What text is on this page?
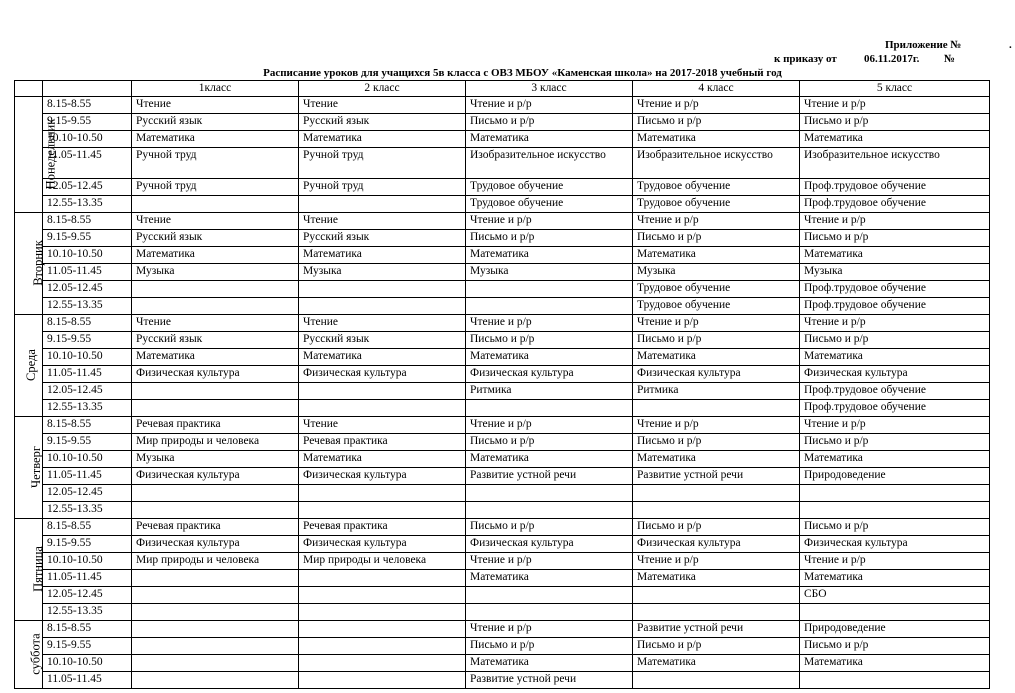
Приложение №	.
к приказу от 06.11.2017г. №
Расписание уроков для учащихся 5в класса с ОВЗ МБОУ «Каменская школа» на 2017-2018 учебный год
		1класс	2 класс	3 класс	4 класс	5 класс
Понедельник	8.15-8.55	Чтение	Чтение	Чтение и р/р	Чтение и р/р	Чтение и р/р
	9.15-9.55	Русский язык	Русский язык	Письмо и р/р	Письмо и р/р	Письмо и р/р
	10.10-10.50	Математика	Математика	Математика	Математика	Математика
	11.05-11.45	Ручной труд	Ручной труд	Изобразительное искусство	Изобразительное искусство	Изобразительное искусство
	12.05-12.45	Ручной труд	Ручной труд	Трудовое обучение	Трудовое обучение	Проф.трудовое обучение
	12.55-13.35			Трудовое обучение	Трудовое обучение	Проф.трудовое обучение
Вторник	8.15-8.55	Чтение	Чтение	Чтение и р/р	Чтение и р/р	Чтение и р/р
	9.15-9.55	Русский язык	Русский язык	Письмо и р/р	Письмо и р/р	Письмо и р/р
	10.10-10.50	Математика	Математика	Математика	Математика	Математика
	11.05-11.45	Музыка	Музыка	Музыка	Музыка	Музыка
	12.05-12.45				Трудовое обучение	Проф.трудовое обучение
	12.55-13.35				Трудовое обучение	Проф.трудовое обучение
Среда	8.15-8.55	Чтение	Чтение	Чтение и р/р	Чтение и р/р	Чтение и р/р
	9.15-9.55	Русский язык	Русский язык	Письмо и р/р	Письмо и р/р	Письмо и р/р
	10.10-10.50	Математика	Математика	Математика	Математика	Математика
	11.05-11.45	Физическая культура	Физическая культура	Физическая культура	Физическая культура	Физическая культура
	12.05-12.45			Ритмика	Ритмика	Проф.трудовое обучение
	12.55-13.35					Проф.трудовое обучение
Четверг	8.15-8.55	Речевая практика	Чтение	Чтение и р/р	Чтение и р/р	Чтение и р/р
	9.15-9.55	Мир природы и человека	Речевая практика	Письмо и р/р	Письмо и р/р	Письмо и р/р
	10.10-10.50	Музыка	Математика	Математика	Математика	Математика
	11.05-11.45	Физическая культура	Физическая культура	Развитие устной речи	Развитие устной речи	Природоведение
	12.05-12.45					
	12.55-13.35					
Пятница	8.15-8.55	Речевая практика	Речевая практика	Письмо и р/р	Письмо и р/р	Письмо и р/р
	9.15-9.55	Физическая культура	Физическая культура	Физическая культура	Физическая культура	Физическая культура
	10.10-10.50	Мир природы и человека	Мир природы и человека	Чтение и р/р	Чтение и р/р	Чтение и р/р
	11.05-11.45			Математика	Математика	Математика
	12.05-12.45					СБО
	12.55-13.35					
суббота	8.15-8.55			Чтение и р/р	Развитие устной речи	Природоведение
	9.15-9.55			Письмо и р/р	Письмо и р/р	Письмо и р/р
	10.10-10.50			Математика	Математика	Математика
	11.05-11.45			Развитие устной речи		
